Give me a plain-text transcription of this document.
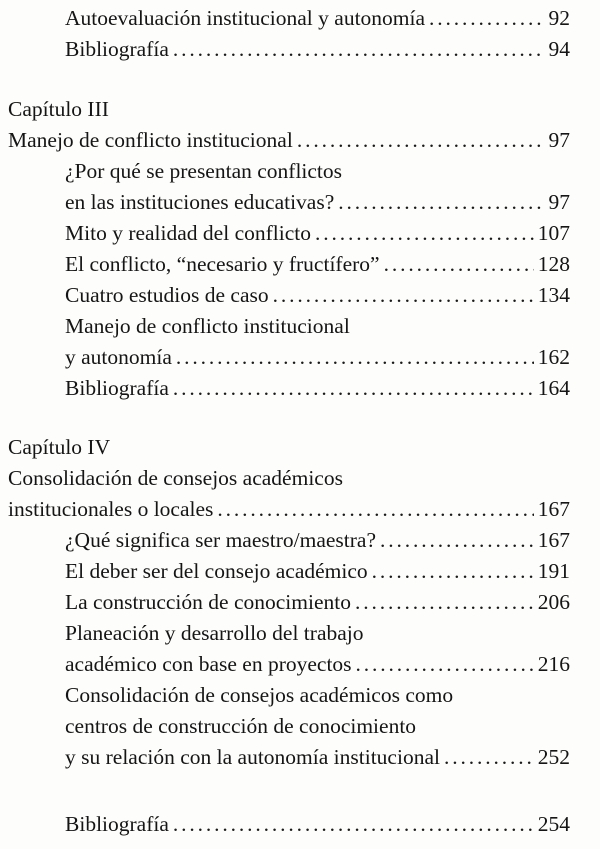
Autoevaluación institucional y autonomía . . .	92
Bibliografía . . .	94
Capítulo III
Manejo de conflicto institucional . . .	97
¿Por qué se presentan conflictos
en las instituciones educativas? . . .	97
Mito y realidad del conflicto . . .	107
El conflicto, “necesario y fructífero” . . .	128
Cuatro estudios de caso . . .	134
Manejo de conflicto institucional
y autonomía . . .	162
Bibliografía . . .	164
Capítulo IV
Consolidación de consejos académicos
institucionales o locales . . .	167
¿Qué significa ser maestro/maestra? . . .	167
El deber ser del consejo académico . . .	191
La construcción de conocimiento . . .	206
Planeación y desarrollo del trabajo
académico con base en proyectos . . .	216
Consolidación de consejos académicos como
centros de construcción de conocimiento
y su relación con la autonomía institucional . . .	252
Bibliografía . . .	254
